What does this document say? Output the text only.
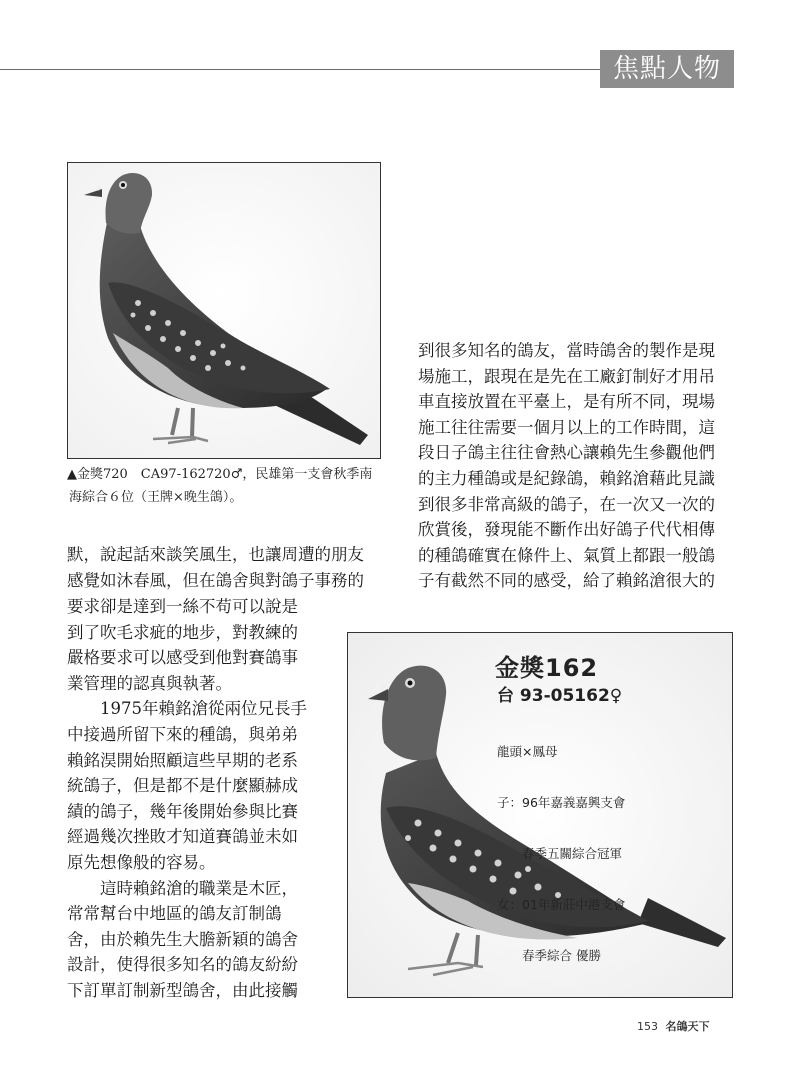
焦點人物
▲金獎720　CA97-162720♂，民雄第一支會秋季南

海綜合６位（王牌×晚生鴿）。

到很多知名的鴿友，當時鴿舍的製作是現

場施工，跟現在是先在工廠釘制好才用吊

車直接放置在平臺上，是有所不同，現場

施工往往需要一個月以上的工作時間，這

段日子鴿主往往會熱心讓賴先生參觀他們

的主力種鴿或是紀錄鴿，賴銘滄藉此見識

到很多非常高級的鴿子，在一次又一次的

欣賞後，發現能不斷作出好鴿子代代相傳

的種鴿確實在條件上、氣質上都跟一般鴿

子有截然不同的感受，給了賴銘滄很大的

默，說起話來談笑風生，也讓周遭的朋友

感覺如沐春風，但在鴿舍與對鴿子事務的

要求卻是達到一絲不苟可以說是

到了吹毛求疵的地步，對教練的

嚴格要求可以感受到他對賽鴿事

業管理的認真與執著。

　　1975年賴銘滄從兩位兄長手

中接過所留下來的種鴿，與弟弟

賴銘淏開始照顧這些早期的老系

統鴿子，但是都不是什麼顯赫成

績的鴿子，幾年後開始參與比賽

經過幾次挫敗才知道賽鴿並未如

原先想像般的容易。

　　這時賴銘滄的職業是木匠，

常常幫台中地區的鴿友訂制鴿

舍，由於賴先生大膽新穎的鴿舍

設計，使得很多知名的鴿友紛紛

下訂單訂制新型鴿舍，由此接觸

金獎162
台 93-05162♀

龍頭×鳳母

子：96年嘉義嘉興支會

　　春季五關綜合冠軍

女：01年新莊中港支會

　　春季綜合 優勝

153 名鴿天下
